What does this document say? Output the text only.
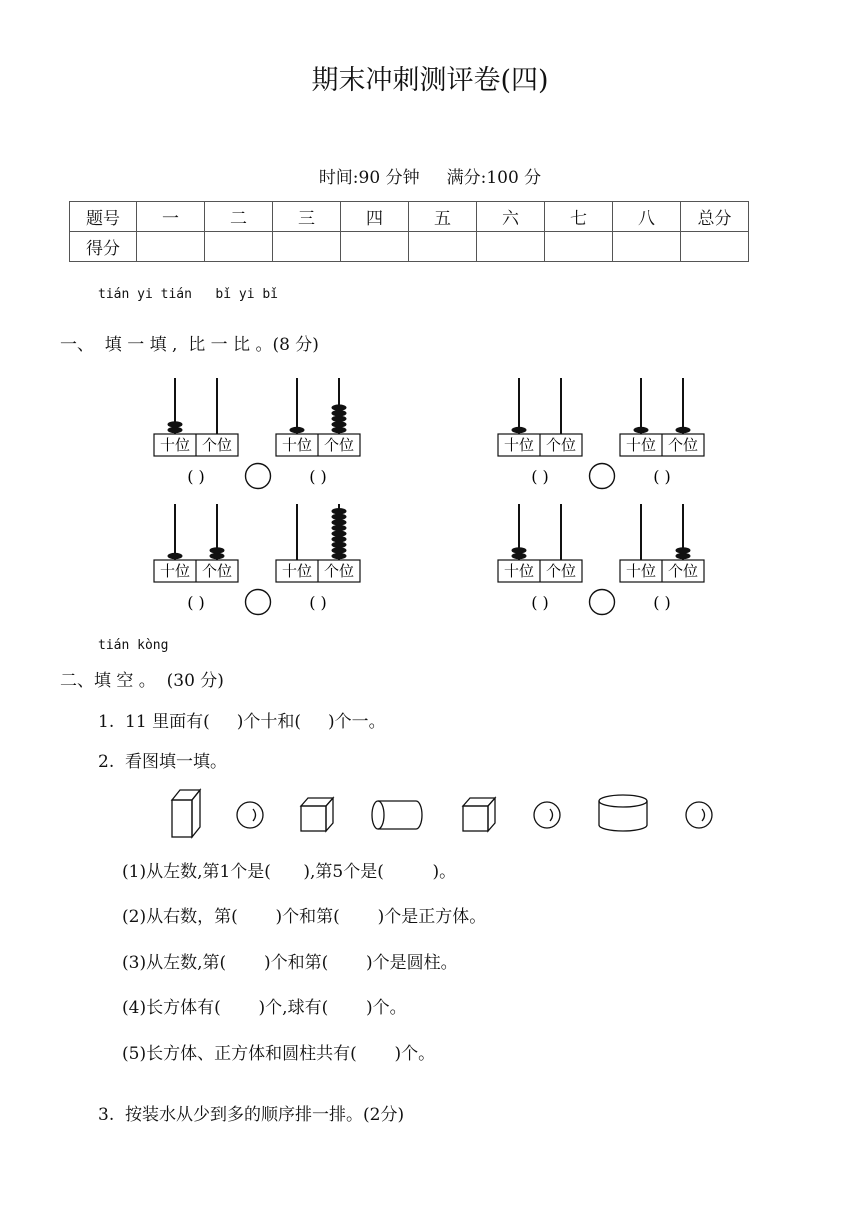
期末冲刺测评卷(四)
时间:90 分钟     满分:100 分
题号	一	二	三	四	五	六	七	八	总分
得分									
tián yi tián   bǐ yi bǐ
一、  填 一 填 ,  比 一 比 。(8 分)
十位 个位
( )
十位 个位
( )
十位 个位
( )
十位 个位
( )
十位 个位
( )
十位 个位
( )
十位 个位
( )
十位 个位
( )
tián kòng
二、填 空 。  (30 分)
1.  11 里面有(     )个十和(     )个一。
2.  看图填一填。
(1)从左数,第1个是(      ),第5个是(         )。
(2)从右数，第(       )个和第(       )个是正方体。
(3)从左数,第(       )个和第(       )个是圆柱。
(4)长方体有(       )个,球有(       )个。
(5)长方体、正方体和圆柱共有(       )个。
3.  按装水从少到多的顺序排一排。(2分)
